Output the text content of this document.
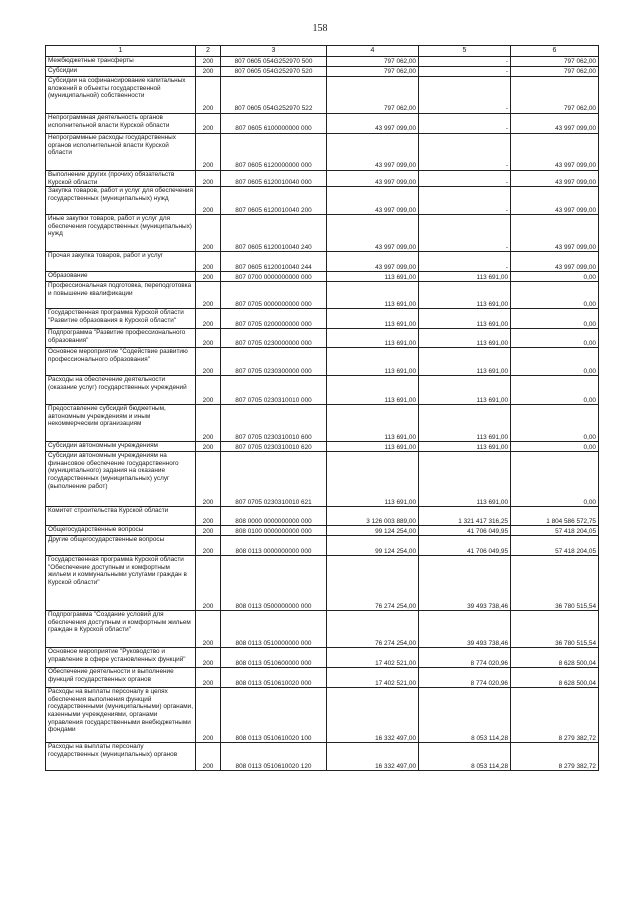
158
1	2	3	4	5	6
Межбюджетные трансферты	200	807 0605 054G252970 500	797 062,00	-	797 062,00
Субсидии	200	807 0605 054G252970 520	797 062,00	-	797 062,00
Субсидии на софинансирование капитальных вложений в объекты государственной (муниципальной) собственности	200	807 0605 054G252970 522	797 062,00	-	797 062,00
Непрограммная деятельность органов исполнительной власти Курской области	200	807 0605 6100000000 000	43 997 099,00	-	43 997 099,00
Непрограммные расходы государственных органов исполнительной власти Курской области	200	807 0605 6120000000 000	43 997 099,00	-	43 997 099,00
Выполнение других (прочих) обязательств Курской области	200	807 0605 6120010040 000	43 997 099,00	-	43 997 099,00
Закупка товаров, работ и услуг для обеспечения государственных (муниципальных) нужд	200	807 0605 6120010040 200	43 997 099,00	-	43 997 099,00
Иные закупки товаров, работ и услуг для обеспечения государственных (муниципальных) нужд	200	807 0605 6120010040 240	43 997 099,00	-	43 997 099,00
Прочая закупка товаров, работ и услуг	200	807 0605 6120010040 244	43 997 099,00	-	43 997 099,00
Образование	200	807 0700 0000000000 000	113 691,00	113 691,00	0,00
Профессиональная подготовка, переподготовка и повышение квалификации	200	807 0705 0000000000 000	113 691,00	113 691,00	0,00
Государственная программа Курской области "Развитие образования в Курской области"	200	807 0705 0200000000 000	113 691,00	113 691,00	0,00
Подпрограмма "Развитие профессионального образования"	200	807 0705 0230000000 000	113 691,00	113 691,00	0,00
Основное мероприятие "Содействие развитию профессионального образования"	200	807 0705 0230300000 000	113 691,00	113 691,00	0,00
Расходы на обеспечение деятельности (оказание услуг) государственных учреждений	200	807 0705 0230310010 000	113 691,00	113 691,00	0,00
Предоставление субсидий бюджетным, автономным учреждениям и иным некоммерческим организациям	200	807 0705 0230310010 600	113 691,00	113 691,00	0,00
Субсидии автономным учреждениям	200	807 0705 0230310010 620	113 691,00	113 691,00	0,00
Субсидии автономным учреждениям на финансовое обеспечение государственного (муниципального) задания на оказание государственных (муниципальных) услуг (выполнение работ)	200	807 0705 0230310010 621	113 691,00	113 691,00	0,00
Комитет строительства Курской области	200	808 0000 0000000000 000	3 126 003 889,00	1 321 417 316,25	1 804 586 572,75
Общегосударственные вопросы	200	808 0100 0000000000 000	99 124 254,00	41 706 049,95	57 418 204,05
Другие общегосударственные вопросы	200	808 0113 0000000000 000	99 124 254,00	41 706 049,95	57 418 204,05
Государственная программа Курской области "Обеспечение доступным и комфортным жильем и коммунальными услугами граждан в Курской области"	200	808 0113 0500000000 000	76 274 254,00	39 493 738,46	36 780 515,54
Подпрограмма "Создание условий для обеспечения доступным и комфортным жильем граждан в Курской области"	200	808 0113 0510000000 000	76 274 254,00	39 493 738,46	36 780 515,54
Основное мероприятие "Руководство и управление в сфере установленных функций"	200	808 0113 0510600000 000	17 402 521,00	8 774 020,96	8 628 500,04
Обеспечение деятельности и выполнение функций государственных органов	200	808 0113 0510610020 000	17 402 521,00	8 774 020,96	8 628 500,04
Расходы на выплаты персоналу в целях обеспечения выполнения функций государственными (муниципальными) органами, казенными учреждениями, органами управления государственными внебюджетными фондами	200	808 0113 0510610020 100	16 332 497,00	8 053 114,28	8 279 382,72
Расходы на выплаты персоналу государственных (муниципальных) органов	200	808 0113 0510610020 120	16 332 497,00	8 053 114,28	8 279 382,72
